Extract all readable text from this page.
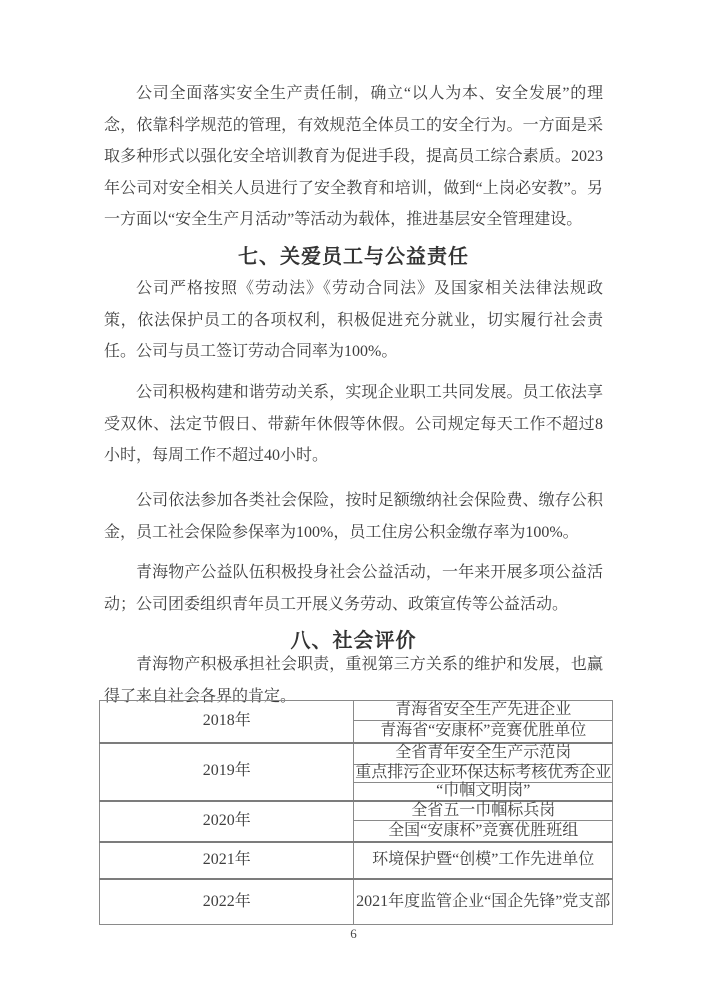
公司全面落实安全生产责任制，确立“以人为本、安全发展”的理念，依靠科学规范的管理，有效规范全体员工的安全行为。一方面是采取多种形式以强化安全培训教育为促进手段，提高员工综合素质。2023年公司对安全相关人员进行了安全教育和培训，做到“上岗必安教”。另一方面以“安全生产月活动”等活动为载体，推进基层安全管理建设。
七、关爱员工与公益责任
公司严格按照《劳动法》《劳动合同法》及国家相关法律法规政策，依法保护员工的各项权利，积极促进充分就业，切实履行社会责任。公司与员工签订劳动合同率为100%。
公司积极构建和谐劳动关系，实现企业职工共同发展。员工依法享受双休、法定节假日、带薪年休假等休假。公司规定每天工作不超过8小时，每周工作不超过40小时。
公司依法参加各类社会保险，按时足额缴纳社会保险费、缴存公积金，员工社会保险参保率为100%，员工住房公积金缴存率为100%。
青海物产公益队伍积极投身社会公益活动，一年来开展多项公益活动；公司团委组织青年员工开展义务劳动、政策宣传等公益活动。
八、社会评价
青海物产积极承担社会职责，重视第三方关系的维护和发展，也赢得了来自社会各界的肯定。
2018年	青海省安全生产先进企业
	青海省“安康杯”竞赛优胜单位
2019年	全省青年安全生产示范岗
	重点排污企业环保达标考核优秀企业
	“巾帼文明岗”
2020年	全省五一巾帼标兵岗
	全国“安康杯”竞赛优胜班组
2021年	环境保护暨“创模”工作先进单位
2022年	2021年度监管企业“国企先锋”党支部
6
